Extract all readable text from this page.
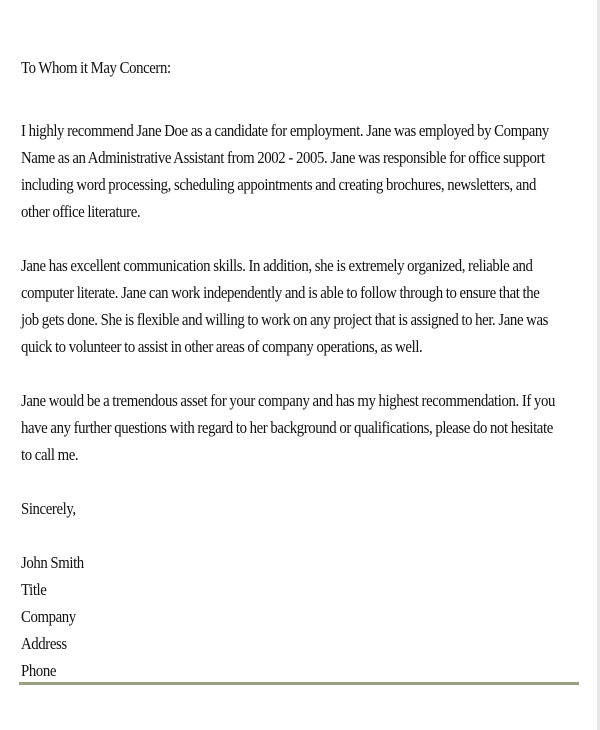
To Whom it May Concern:
I highly recommend Jane Doe as a candidate for employment. Jane was employed by Company
Name as an Administrative Assistant from 2002 - 2005. Jane was responsible for office support
including word processing, scheduling appointments and creating brochures, newsletters, and
other office literature.
Jane has excellent communication skills. In addition, she is extremely organized, reliable and
computer literate. Jane can work independently and is able to follow through to ensure that the
job gets done. She is flexible and willing to work on any project that is assigned to her. Jane was
quick to volunteer to assist in other areas of company operations, as well.
Jane would be a tremendous asset for your company and has my highest recommendation. If you
have any further questions with regard to her background or qualifications, please do not hesitate
to call me.
Sincerely,
John Smith
Title
Company
Address
Phone
